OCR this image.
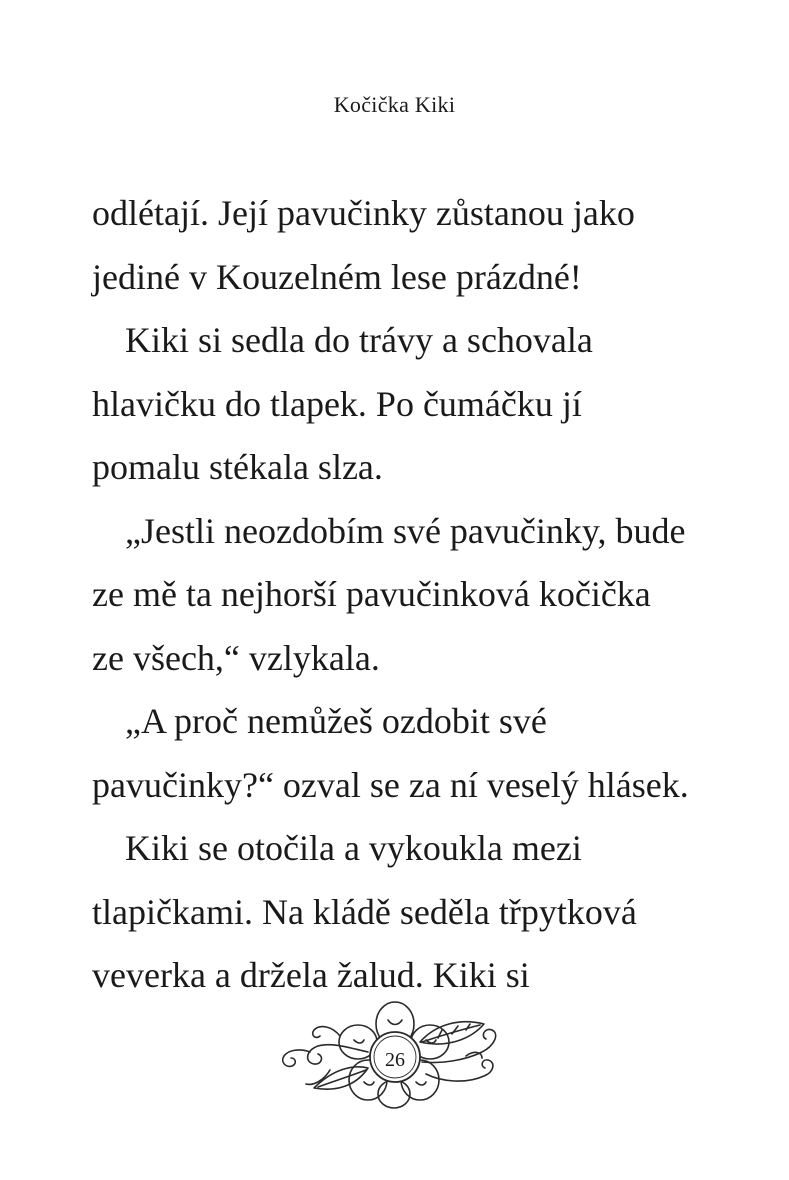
Kočička Kiki
odlétají. Její pavučinky zůstanou jako
jediné v Kouzelném lese prázdné!
Kiki si sedla do trávy a schovala
hlavičku do tlapek. Po čumáčku jí
pomalu stékala slza.
„Jestli neozdobím své pavučinky, bude
ze mě ta nejhorší pavučinková kočička
ze všech,“ vzlykala.
„A proč nemůžeš ozdobit své
pavučinky?“ ozval se za ní veselý hlásek.
Kiki se otočila a vykoukla mezi
tlapičkami. Na kládě seděla třpytková
veverka a držela žalud. Kiki si
26
